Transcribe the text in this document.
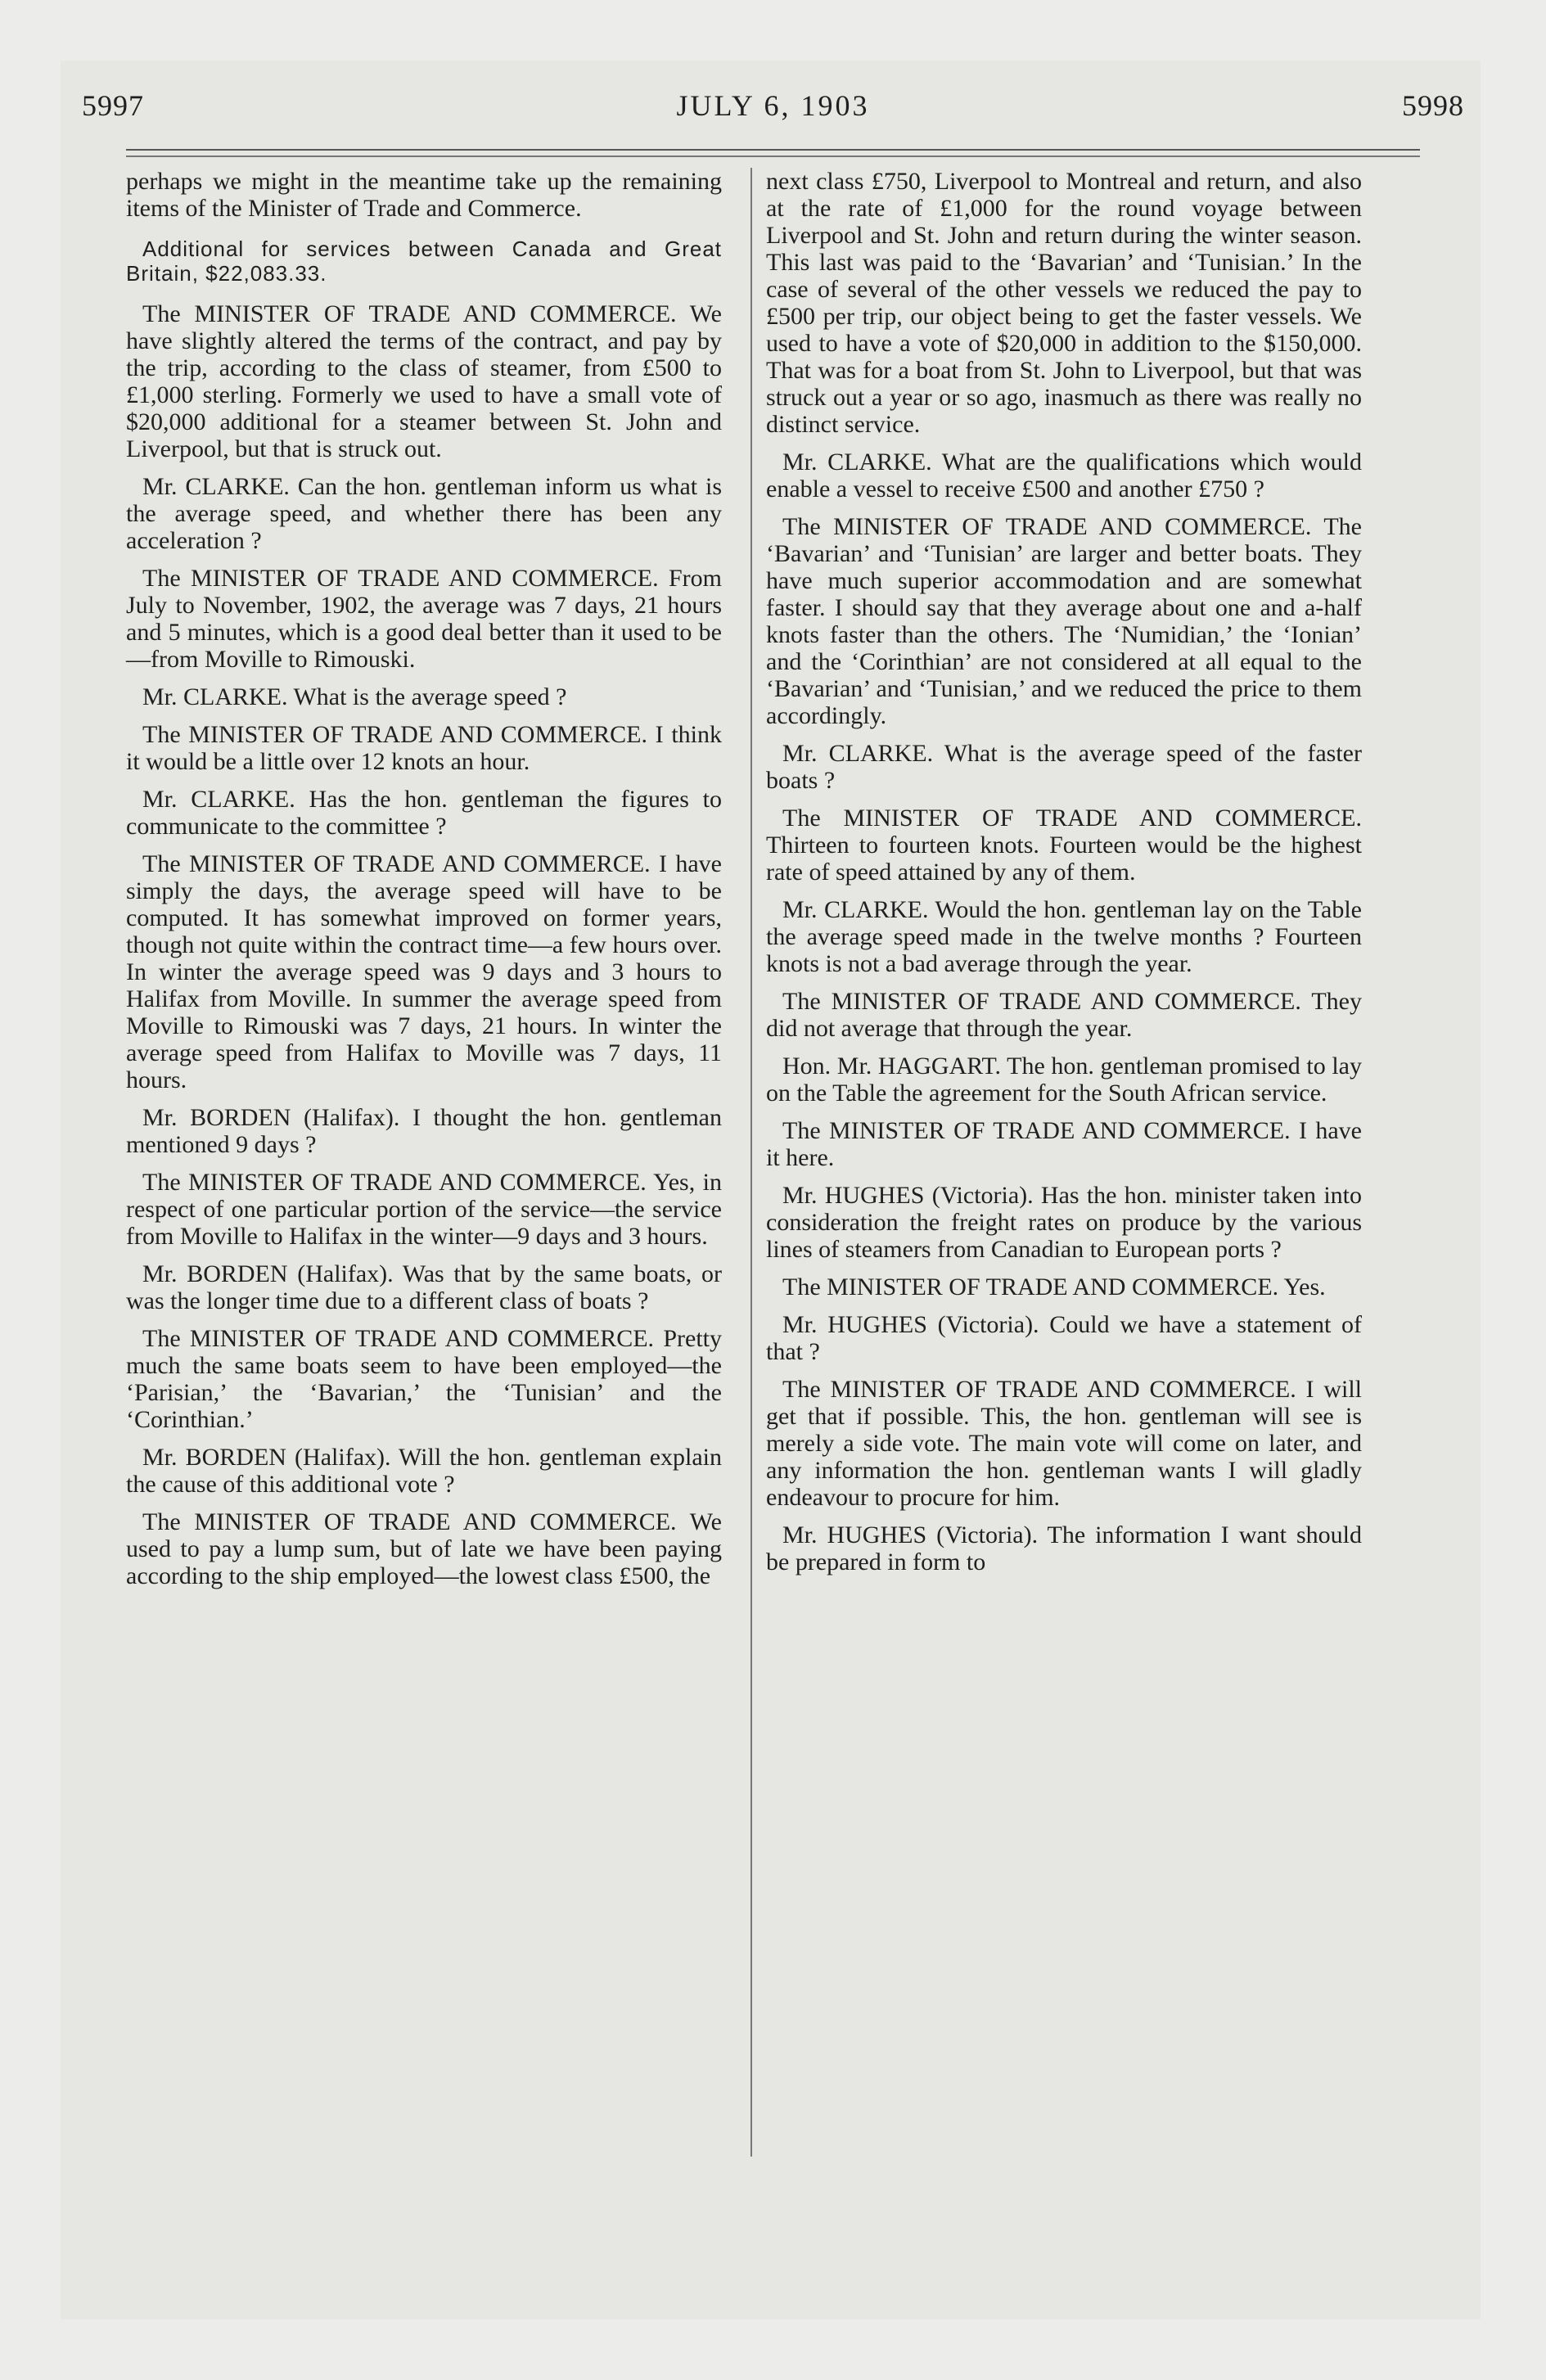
5997	JULY 6, 1903	5998

perhaps we might in the meantime take up the remaining items of the Minister of Trade and Commerce.

Additional for services between Canada and Great Britain, $22,083.33.

The MINISTER OF TRADE AND COMMERCE. We have slightly altered the terms of the contract, and pay by the trip, according to the class of steamer, from £500 to £1,000 sterling. Formerly we used to have a small vote of $20,000 additional for a steamer between St. John and Liverpool, but that is struck out.

Mr. CLARKE. Can the hon. gentleman inform us what is the average speed, and whether there has been any acceleration ?

The MINISTER OF TRADE AND COMMERCE. From July to November, 1902, the average was 7 days, 21 hours and 5 minutes, which is a good deal better than it used to be—from Moville to Rimouski.

Mr. CLARKE. What is the average speed ?

The MINISTER OF TRADE AND COMMERCE. I think it would be a little over 12 knots an hour.

Mr. CLARKE. Has the hon. gentleman the figures to communicate to the committee ?

The MINISTER OF TRADE AND COMMERCE. I have simply the days, the average speed will have to be computed. It has somewhat improved on former years, though not quite within the contract time—a few hours over. In winter the average speed was 9 days and 3 hours to Halifax from Moville. In summer the average speed from Moville to Rimouski was 7 days, 21 hours. In winter the average speed from Halifax to Moville was 7 days, 11 hours.

Mr. BORDEN (Halifax). I thought the hon. gentleman mentioned 9 days ?

The MINISTER OF TRADE AND COMMERCE. Yes, in respect of one particular portion of the service—the service from Moville to Halifax in the winter—9 days and 3 hours.

Mr. BORDEN (Halifax). Was that by the same boats, or was the longer time due to a different class of boats ?

The MINISTER OF TRADE AND COMMERCE. Pretty much the same boats seem to have been employed—the ‘Parisian,’ the ‘Bavarian,’ the ‘Tunisian’ and the ‘Corinthian.’

Mr. BORDEN (Halifax). Will the hon. gentleman explain the cause of this additional vote ?

The MINISTER OF TRADE AND COMMERCE. We used to pay a lump sum, but of late we have been paying according to the ship employed—the lowest class £500, the

next class £750, Liverpool to Montreal and return, and also at the rate of £1,000 for the round voyage between Liverpool and St. John and return during the winter season. This last was paid to the ‘Bavarian’ and ‘Tunisian.’ In the case of several of the other vessels we reduced the pay to £500 per trip, our object being to get the faster vessels. We used to have a vote of $20,000 in addition to the $150,000. That was for a boat from St. John to Liverpool, but that was struck out a year or so ago, inasmuch as there was really no distinct service.

Mr. CLARKE. What are the qualifications which would enable a vessel to receive £500 and another £750 ?

The MINISTER OF TRADE AND COMMERCE. The ‘Bavarian’ and ‘Tunisian’ are larger and better boats. They have much superior accommodation and are somewhat faster. I should say that they average about one and a-half knots faster than the others. The ‘Numidian,’ the ‘Ionian’ and the ‘Corinthian’ are not considered at all equal to the ‘Bavarian’ and ‘Tunisian,’ and we reduced the price to them accordingly.

Mr. CLARKE. What is the average speed of the faster boats ?

The MINISTER OF TRADE AND COMMERCE. Thirteen to fourteen knots. Fourteen would be the highest rate of speed attained by any of them.

Mr. CLARKE. Would the hon. gentleman lay on the Table the average speed made in the twelve months ? Fourteen knots is not a bad average through the year.

The MINISTER OF TRADE AND COMMERCE. They did not average that through the year.

Hon. Mr. HAGGART. The hon. gentleman promised to lay on the Table the agreement for the South African service.

The MINISTER OF TRADE AND COMMERCE. I have it here.

Mr. HUGHES (Victoria). Has the hon. minister taken into consideration the freight rates on produce by the various lines of steamers from Canadian to European ports ?

The MINISTER OF TRADE AND COMMERCE. Yes.

Mr. HUGHES (Victoria). Could we have a statement of that ?

The MINISTER OF TRADE AND COMMERCE. I will get that if possible. This, the hon. gentleman will see is merely a side vote. The main vote will come on later, and any information the hon. gentleman wants I will gladly endeavour to procure for him.

Mr. HUGHES (Victoria). The information I want should be prepared in form to
